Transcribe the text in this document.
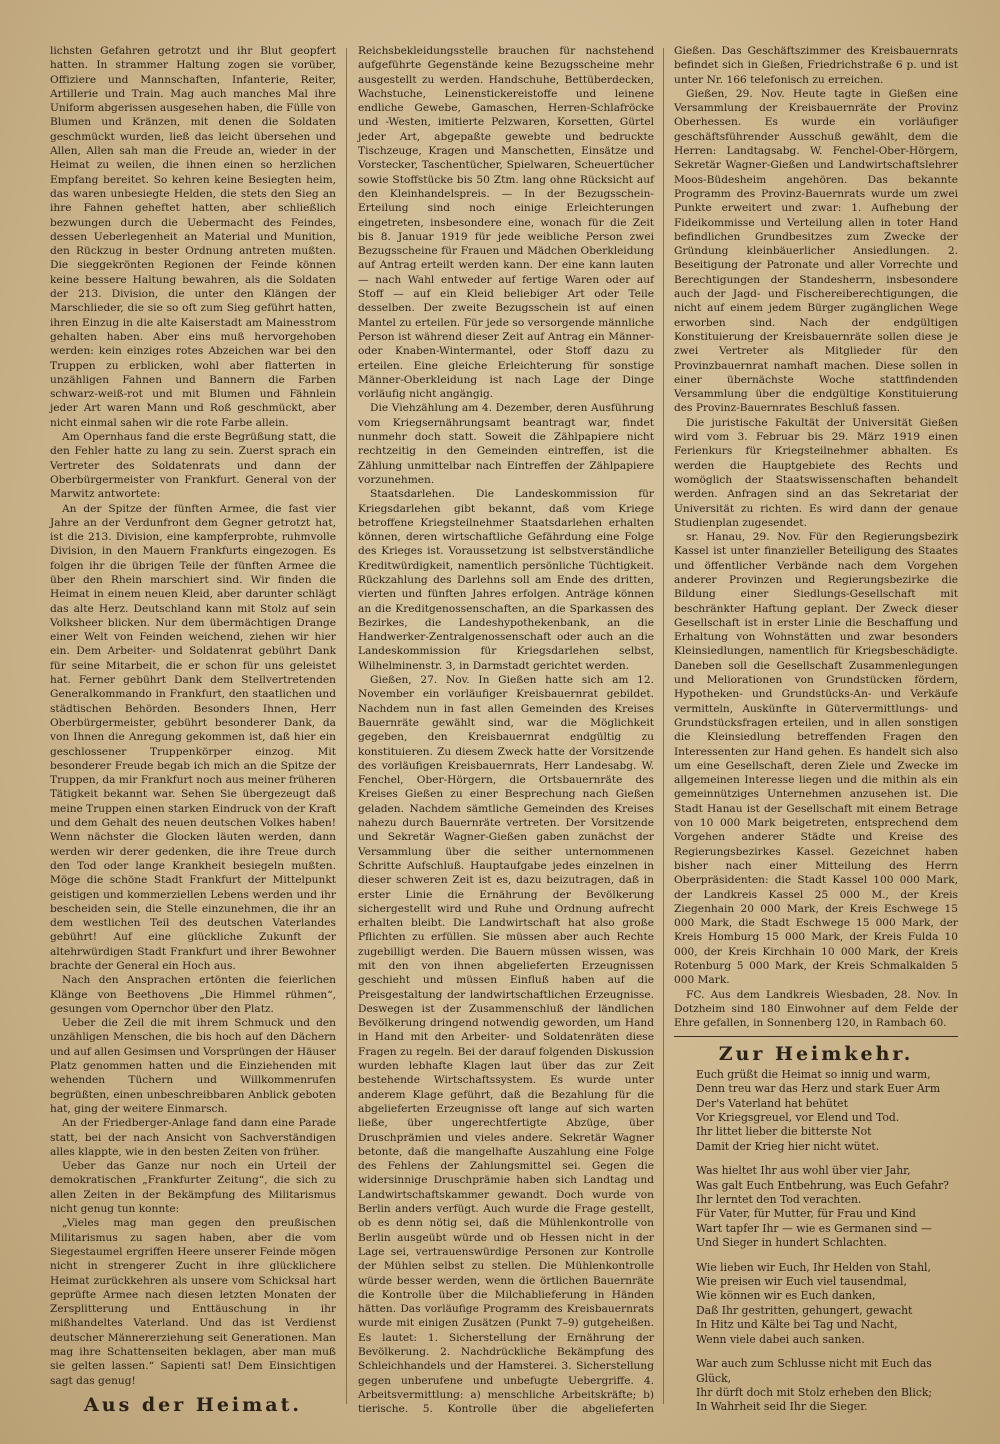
lichsten Gefahren getrotzt und ihr Blut geopfert hatten. In strammer Haltung zogen sie vorüber, Offiziere und Mannschaften, Infanterie, Reiter, Artillerie und Train. Mag auch manches Mal ihre Uniform abgerissen ausgesehen haben, die Fülle von Blumen und Kränzen, mit denen die Soldaten geschmückt wurden, ließ das leicht übersehen und Allen, Allen sah man die Freude an, wieder in der Heimat zu weilen, die ihnen einen so herzlichen Empfang bereitet. So kehren keine Besiegten heim, das waren unbesiegte Helden, die stets den Sieg an ihre Fahnen geheftet hatten, aber schließlich bezwungen durch die Uebermacht des Feindes, dessen Ueberlegenheit an Material und Munition, den Rückzug in bester Ordnung antreten mußten. Die sieggekrönten Regionen der Feinde können keine bessere Haltung bewahren, als die Soldaten der 213. Division, die unter den Klängen der Marschlieder, die sie so oft zum Sieg geführt hatten, ihren Einzug in die alte Kaiserstadt am Mainesstrom gehalten haben. Aber eins muß hervorgehoben werden: kein einziges rotes Abzeichen war bei den Truppen zu erblicken, wohl aber flatterten in unzähligen Fahnen und Bannern die Farben schwarz-weiß-rot und mit Blumen und Fähnlein jeder Art waren Mann und Roß geschmückt, aber nicht einmal sahen wir die rote Farbe allein.

Am Opernhaus fand die erste Begrüßung statt, die den Fehler hatte zu lang zu sein. Zuerst sprach ein Vertreter des Soldatenrats und dann der Oberbürgermeister von Frankfurt. General von der Marwitz antwortete:

An der Spitze der fünften Armee, die fast vier Jahre an der Verdunfront dem Gegner getrotzt hat, ist die 213. Division, eine kampferprobte, ruhmvolle Division, in den Mauern Frankfurts eingezogen. Es folgen ihr die übrigen Teile der fünften Armee die über den Rhein marschiert sind. Wir finden die Heimat in einem neuen Kleid, aber darunter schlägt das alte Herz. Deutschland kann mit Stolz auf sein Volksheer blicken. Nur dem übermächtigen Drange einer Welt von Feinden weichend, ziehen wir hier ein. Dem Arbeiter- und Soldatenrat gebührt Dank für seine Mitarbeit, die er schon für uns geleistet hat. Ferner gebührt Dank dem Stellvertretenden Generalkommando in Frankfurt, den staatlichen und städtischen Behörden. Besonders Ihnen, Herr Oberbürgermeister, gebührt besonderer Dank, da von Ihnen die Anregung gekommen ist, daß hier ein geschlossener Truppenkörper einzog. Mit besonderer Freude begab ich mich an die Spitze der Truppen, da mir Frankfurt noch aus meiner früheren Tätigkeit bekannt war. Sehen Sie übergezeugt daß meine Truppen einen starken Eindruck von der Kraft und dem Gehalt des neuen deutschen Volkes haben! Wenn nächster die Glocken läuten werden, dann werden wir derer gedenken, die ihre Treue durch den Tod oder lange Krankheit besiegeln mußten. Möge die schöne Stadt Frankfurt der Mittelpunkt geistigen und kommerziellen Lebens werden und ihr bescheiden sein, die Stelle einzunehmen, die ihr an dem westlichen Teil des deutschen Vaterlandes gebührt! Auf eine glückliche Zukunft der altehrwürdigen Stadt Frankfurt und ihrer Bewohner brachte der General ein Hoch aus.

Nach den Ansprachen ertönten die feierlichen Klänge von Beethovens „Die Himmel rühmen“, gesungen vom Opernchor über den Platz.

Ueber die Zeil die mit ihrem Schmuck und den unzähligen Menschen, die bis hoch auf den Dächern und auf allen Gesimsen und Vorsprüngen der Häuser Platz genommen hatten und die Einziehenden mit wehenden Tüchern und Willkommenrufen begrüßten, einen unbeschreibbaren Anblick geboten hat, ging der weitere Einmarsch.

An der Friedberger-Anlage fand dann eine Parade statt, bei der nach Ansicht von Sachverständigen alles klappte, wie in den besten Zeiten von früher.

Ueber das Ganze nur noch ein Urteil der demokratischen „Frankfurter Zeitung“, die sich zu allen Zeiten in der Bekämpfung des Militarismus nicht genug tun konnte:

„Vieles mag man gegen den preußischen Militarismus zu sagen haben, aber die vom Siegestaumel ergriffen Heere unserer Feinde mögen nicht in strengerer Zucht in ihre glücklichere Heimat zurückkehren als unsere vom Schicksal hart geprüfte Armee nach diesen letzten Monaten der Zersplitterung und Enttäuschung in ihr mißhandeltes Vaterland. Und das ist Verdienst deutscher Männererziehung seit Generationen. Man mag ihre Schattenseiten beklagen, aber man muß sie gelten lassen.“ Sapienti sat! Dem Einsichtigen sagt das genug!

Aus der Heimat.

Reichsbekleidungsstelle brauchen für nachstehend aufgeführte Gegenstände keine Bezugsscheine mehr ausgestellt zu werden. Handschuhe, Bettüberdecken, Wachstuche, Leinenstickereistoffe und leinene endliche Gewebe, Gamaschen, Herren-Schlafröcke und -Westen, imitierte Pelzwaren, Korsetten, Gürtel jeder Art, abgepaßte gewebte und bedruckte Tischzeuge, Kragen und Manschetten, Einsätze und Vorstecker, Taschentücher, Spielwaren, Scheuertücher sowie Stoffstücke bis 50 Ztm. lang ohne Rücksicht auf den Kleinhandelspreis. — In der Bezugsschein-Erteilung sind noch einige Erleichterungen eingetreten, insbesondere eine, wonach für die Zeit bis 8. Januar 1919 für jede weibliche Person zwei Bezugsscheine für Frauen und Mädchen Oberkleidung auf Antrag erteilt werden kann. Der eine kann lauten — nach Wahl entweder auf fertige Waren oder auf Stoff — auf ein Kleid beliebiger Art oder Teile desselben. Der zweite Bezugsschein ist auf einen Mantel zu erteilen. Für jede so versorgende männliche Person ist während dieser Zeit auf Antrag ein Männer- oder Knaben-Wintermantel, oder Stoff dazu zu erteilen. Eine gleiche Erleichterung für sonstige Männer-Oberkleidung ist nach Lage der Dinge vorläufig nicht angängig.

Die Viehzählung am 4. Dezember, deren Ausführung vom Kriegsernährungsamt beantragt war, findet nunmehr doch statt. Soweit die Zählpapiere nicht rechtzeitig in den Gemeinden eintreffen, ist die Zählung unmittelbar nach Eintreffen der Zählpapiere vorzunehmen.

Staatsdarlehen. Die Landeskommission für Kriegsdarlehen gibt bekannt, daß vom Kriege betroffene Kriegsteilnehmer Staatsdarlehen erhalten können, deren wirtschaftliche Gefährdung eine Folge des Krieges ist. Voraussetzung ist selbstverständliche Kreditwürdigkeit, namentlich persönliche Tüchtigkeit. Rückzahlung des Darlehns soll am Ende des dritten, vierten und fünften Jahres erfolgen. Anträge können an die Kreditgenossenschaften, an die Sparkassen des Bezirkes, die Landeshypothekenbank, an die Handwerker-Zentralgenossenschaft oder auch an die Landeskommission für Kriegsdarlehen selbst, Wilhelminenstr. 3, in Darmstadt gerichtet werden.

Gießen, 27. Nov. In Gießen hatte sich am 12. November ein vorläufiger Kreisbauernrat gebildet. Nachdem nun in fast allen Gemeinden des Kreises Bauernräte gewählt sind, war die Möglichkeit gegeben, den Kreisbauernrat endgültig zu konstituieren. Zu diesem Zweck hatte der Vorsitzende des vorläufigen Kreisbauernrats, Herr Landesabg. W. Fenchel, Ober-Hörgern, die Ortsbauernräte des Kreises Gießen zu einer Besprechung nach Gießen geladen. Nachdem sämtliche Gemeinden des Kreises nahezu durch Bauernräte vertreten. Der Vorsitzende und Sekretär Wagner-Gießen gaben zunächst der Versammlung über die seither unternommenen Schritte Aufschluß. Hauptaufgabe jedes einzelnen in dieser schweren Zeit ist es, dazu beizutragen, daß in erster Linie die Ernährung der Bevölkerung sichergestellt wird und Ruhe und Ordnung aufrecht erhalten bleibt. Die Landwirtschaft hat also große Pflichten zu erfüllen. Sie müssen aber auch Rechte zugebilligt werden. Die Bauern müssen wissen, was mit den von ihnen abgelieferten Erzeugnissen geschieht und müssen Einfluß haben auf die Preisgestaltung der landwirtschaftlichen Erzeugnisse. Deswegen ist der Zusammenschluß der ländlichen Bevölkerung dringend notwendig geworden, um Hand in Hand mit den Arbeiter- und Soldatenräten diese Fragen zu regeln. Bei der darauf folgenden Diskussion wurden lebhafte Klagen laut über das zur Zeit bestehende Wirtschaftssystem. Es wurde unter anderem Klage geführt, daß die Bezahlung für die abgelieferten Erzeugnisse oft lange auf sich warten ließe, über ungerechtfertigte Abzüge, über Druschprämien und vieles andere. Sekretär Wagner betonte, daß die mangelhafte Auszahlung eine Folge des Fehlens der Zahlungsmittel sei. Gegen die widersinnige Druschprämie haben sich Landtag und Landwirtschaftskammer gewandt. Doch wurde von Berlin anders verfügt. Auch wurde die Frage gestellt, ob es denn nötig sei, daß die Mühlenkontrolle von Berlin ausgeübt würde und ob Hessen nicht in der Lage sei, vertrauenswürdige Personen zur Kontrolle der Mühlen selbst zu stellen. Die Mühlenkontrolle würde besser werden, wenn die örtlichen Bauernräte die Kontrolle über die Milchablieferung in Händen hätten. Das vorläufige Programm des Kreisbauernrats wurde mit einigen Zusätzen (Punkt 7–9) gutgeheißen. Es lautet: 1. Sicherstellung der Ernährung der Bevölkerung. 2. Nachdrückliche Bekämpfung des Schleichhandels und der Hamsterei. 3. Sicherstellung gegen unberufene und unbefugte Uebergriffe. 4. Arbeitsvermittlung: a) menschliche Arbeitskräfte; b) tierische. 5. Kontrolle über die abgelieferten

Gießen. Das Geschäftszimmer des Kreisbauernrats befindet sich in Gießen, Friedrichstraße 6 p. und ist unter Nr. 166 telefonisch zu erreichen.

Gießen, 29. Nov. Heute tagte in Gießen eine Versammlung der Kreisbauernräte der Provinz Oberhessen. Es wurde ein vorläufiger geschäftsführender Ausschuß gewählt, dem die Herren: Landtagsabg. W. Fenchel-Ober-Hörgern, Sekretär Wagner-Gießen und Landwirtschaftslehrer Moos-Büdesheim angehören. Das bekannte Programm des Provinz-Bauernrats wurde um zwei Punkte erweitert und zwar: 1. Aufhebung der Fideikommisse und Verteilung allen in toter Hand befindlichen Grundbesitzes zum Zwecke der Gründung kleinbäuerlicher Ansiedlungen. 2. Beseitigung der Patronate und aller Vorrechte und Berechtigungen der Standesherrn, insbesondere auch der Jagd- und Fischereiberechtigungen, die nicht auf einem jedem Bürger zugänglichen Wege erworben sind. Nach der endgültigen Konstituierung der Kreisbauernräte sollen diese je zwei Vertreter als Mitglieder für den Provinzbauernrat namhaft machen. Diese sollen in einer übernächste Woche stattfindenden Versammlung über die endgültige Konstituierung des Provinz-Bauernrates Beschluß fassen.

Die juristische Fakultät der Universität Gießen wird vom 3. Februar bis 29. März 1919 einen Ferienkurs für Kriegsteilnehmer abhalten. Es werden die Hauptgebiete des Rechts und womöglich der Staatswissenschaften behandelt werden. Anfragen sind an das Sekretariat der Universität zu richten. Es wird dann der genaue Studienplan zugesendet.

sr. Hanau, 29. Nov. Für den Regierungsbezirk Kassel ist unter finanzieller Beteiligung des Staates und öffentlicher Verbände nach dem Vorgehen anderer Provinzen und Regierungsbezirke die Bildung einer Siedlungs-Gesellschaft mit beschränkter Haftung geplant. Der Zweck dieser Gesellschaft ist in erster Linie die Beschaffung und Erhaltung von Wohnstätten und zwar besonders Kleinsiedlungen, namentlich für Kriegsbeschädigte. Daneben soll die Gesellschaft Zusammenlegungen und Meliorationen von Grundstücken fördern, Hypotheken- und Grundstücks-An- und Verkäufe vermitteln, Auskünfte in Gütervermittlungs- und Grundstücksfragen erteilen, und in allen sonstigen die Kleinsiedlung betreffenden Fragen den Interessenten zur Hand gehen. Es handelt sich also um eine Gesellschaft, deren Ziele und Zwecke im allgemeinen Interesse liegen und die mithin als ein gemeinnütziges Unternehmen anzusehen ist. Die Stadt Hanau ist der Gesellschaft mit einem Betrage von 10 000 Mark beigetreten, entsprechend dem Vorgehen anderer Städte und Kreise des Regierungsbezirkes Kassel. Gezeichnet haben bisher nach einer Mitteilung des Herrn Oberpräsidenten: die Stadt Kassel 100 000 Mark, der Landkreis Kassel 25 000 M., der Kreis Ziegenhain 20 000 Mark, der Kreis Eschwege 15 000 Mark, die Stadt Eschwege 15 000 Mark, der Kreis Homburg 15 000 Mark, der Kreis Fulda 10 000, der Kreis Kirchhain 10 000 Mark, der Kreis Rotenburg 5 000 Mark, der Kreis Schmalkalden 5 000 Mark.

FC. Aus dem Landkreis Wiesbaden, 28. Nov. In Dotzheim sind 180 Einwohner auf dem Felde der Ehre gefallen, in Sonnenberg 120, in Rambach 60.

Zur Heimkehr.
Euch grüßt die Heimat so innig und warm,
Denn treu war das Herz und stark Euer Arm
Der's Vaterland hat behütet
Vor Kriegsgreuel, vor Elend und Tod.
Ihr littet lieber die bitterste Not
Damit der Krieg hier nicht wütet.
Was hieltet Ihr aus wohl über vier Jahr,
Was galt Euch Entbehrung, was Euch Gefahr?
Ihr lerntet den Tod verachten.
Für Vater, für Mutter, für Frau und Kind
Wart tapfer Ihr — wie es Germanen sind —
Und Sieger in hundert Schlachten.
Wie lieben wir Euch, Ihr Helden von Stahl,
Wie preisen wir Euch viel tausendmal,
Wie können wir es Euch danken,
Daß Ihr gestritten, gehungert, gewacht
In Hitz und Kälte bei Tag und Nacht,
Wenn viele dabei auch sanken.
War auch zum Schlusse nicht mit Euch das Glück,
Ihr dürft doch mit Stolz erheben den Blick;
In Wahrheit seid Ihr die Sieger.
